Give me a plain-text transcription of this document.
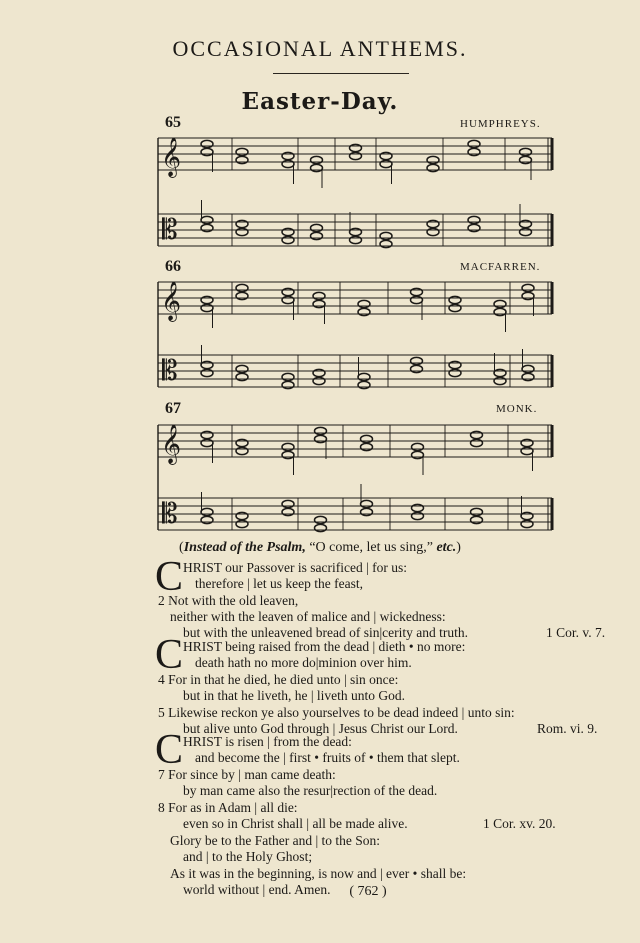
OCCASIONAL ANTHEMS.
Easter-Day.
65	HUMPHREYS.
66	MACFARREN.
67	MONK.
𝄞
𝄡
𝄞
𝄡
𝄞
𝄡
(Instead of the Psalm, “O come, let us sing,” etc.)
C HRIST our Passover is sacrificed | for us:
therefore | let us keep the feast,
2 Not with the old leaven,
neither with the leaven of malice and | wickedness:
but with the unleavened bread of sin|cerity and truth.	1 Cor. v. 7.
C HRIST being raised from the dead | dieth • no more:
death hath no more do|minion over him.
4 For in that he died, he died unto | sin once:
but in that he liveth, he | liveth unto God.
5 Likewise reckon ye also yourselves to be dead indeed | unto sin:
but alive unto God through | Jesus Christ our Lord.	Rom. vi. 9.
C HRIST is risen | from the dead:
and become the | first • fruits of • them that slept.
7 For since by | man came death:
by man came also the resur|rection of the dead.
8 For as in Adam | all die:
even so in Christ shall | all be made alive.	1 Cor. xv. 20.
Glory be to the Father and | to the Son:
and | to the Holy Ghost;
As it was in the beginning, is now and | ever • shall be:
world without | end. Amen.	( 762 )
